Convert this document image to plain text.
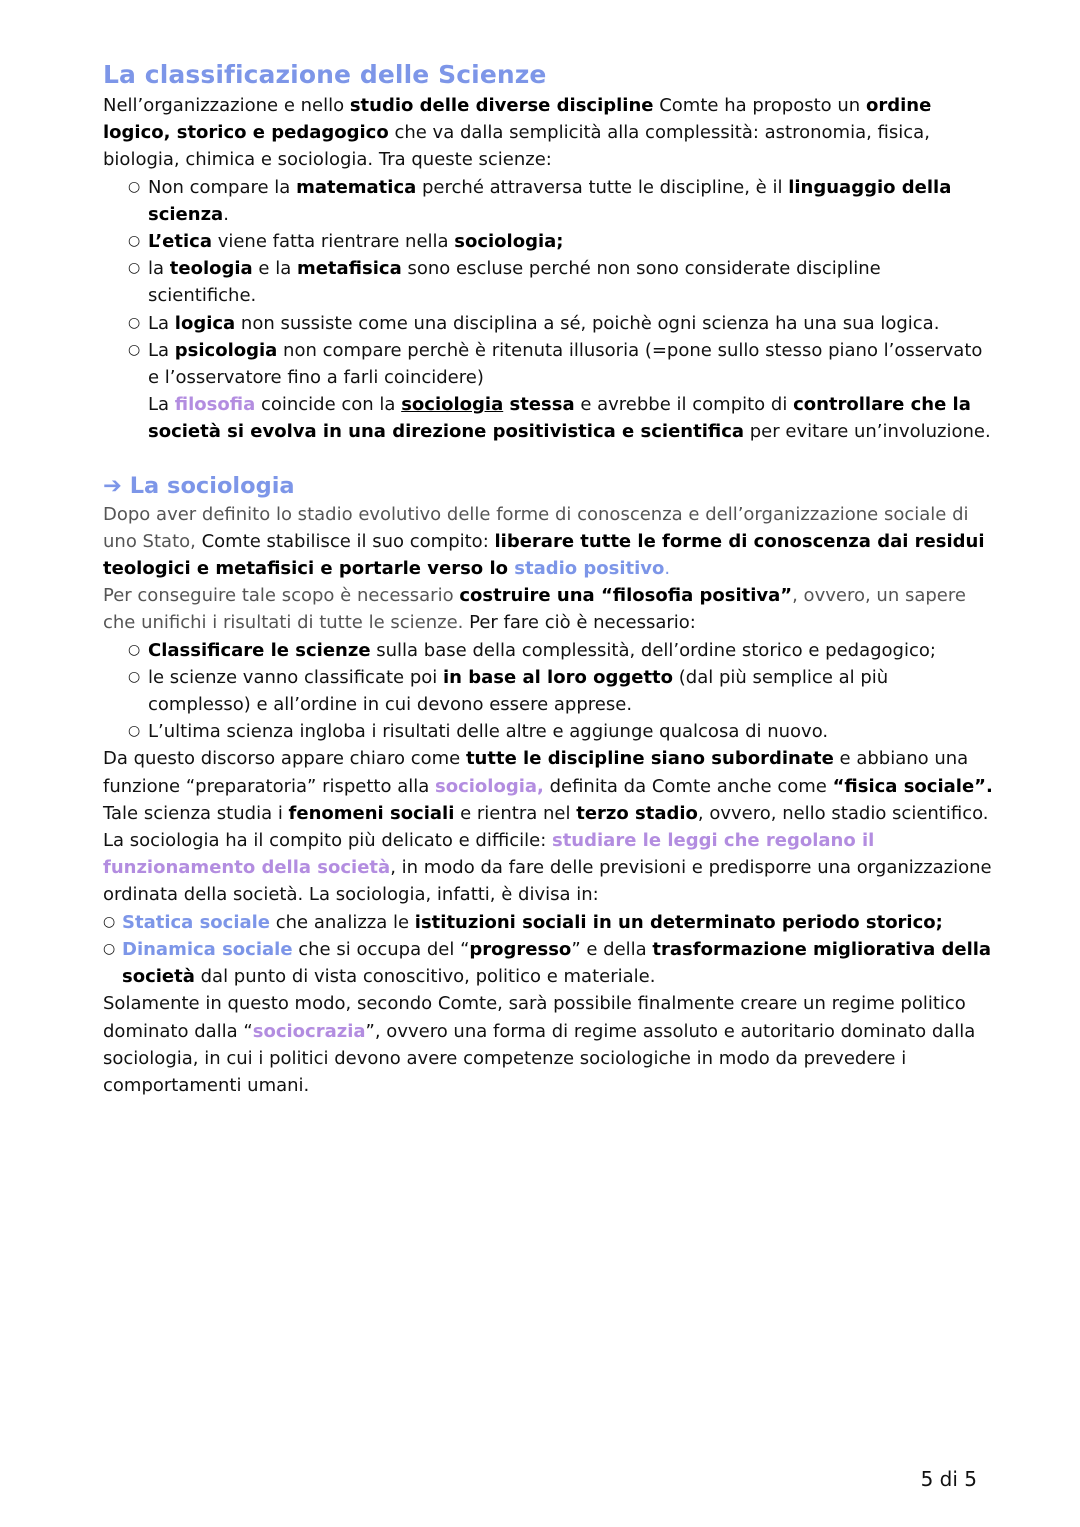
La classificazione delle Scienze

Nell’organizzazione e nello studio delle diverse discipline Comte ha proposto un ordine logico, storico e pedagogico che va dalla semplicità alla complessità: astronomia, fisica, biologia, chimica e sociologia. Tra queste scienze:

○ Non compare la matematica perché attraversa tutte le discipline, è il linguaggio della scienza.
○ L’etica viene fatta rientrare nella sociologia;
○ la teologia e la metafisica sono escluse perché non sono considerate discipline scientifiche.
○ La logica non sussiste come una disciplina a sé, poichè ogni scienza ha una sua logica.
○ La psicologia non compare perchè è ritenuta illusoria (=pone sullo stesso piano l’osservato e l’osservatore fino a farli coincidere)
La filosofia coincide con la sociologia stessa e avrebbe il compito di controllare che la società si evolva in una direzione positivistica e scientifica per evitare un’involuzione.
➔ La sociologia

Dopo aver definito lo stadio evolutivo delle forme di conoscenza e dell’organizzazione sociale di uno Stato, Comte stabilisce il suo compito: liberare tutte le forme di conoscenza dai residui teologici e metafisici e portarle verso lo stadio positivo.

Per conseguire tale scopo è necessario costruire una “filosofia positiva”, ovvero, un sapere che unifichi i risultati di tutte le scienze. Per fare ciò è necessario:

○ Classificare le scienze sulla base della complessità, dell’ordine storico e pedagogico;
○ le scienze vanno classificate poi in base al loro oggetto (dal più semplice al più complesso) e all’ordine in cui devono essere apprese.
○ L’ultima scienza ingloba i risultati delle altre e aggiunge qualcosa di nuovo.

Da questo discorso appare chiaro come tutte le discipline siano subordinate e abbiano una funzione “preparatoria” rispetto alla sociologia, definita da Comte anche come “fisica sociale”. Tale scienza studia i fenomeni sociali e rientra nel terzo stadio, ovvero, nello stadio scientifico. La sociologia ha il compito più delicato e difficile: studiare le leggi che regolano il funzionamento della società, in modo da fare delle previsioni e predisporre una organizzazione ordinata della società. La sociologia, infatti, è divisa in:

○ Statica sociale che analizza le istituzioni sociali in un determinato periodo storico;
○ Dinamica sociale che si occupa del “progresso” e della trasformazione migliorativa della società dal punto di vista conoscitivo, politico e materiale.

Solamente in questo modo, secondo Comte, sarà possibile finalmente creare un regime politico dominato dalla “sociocrazia”, ovvero una forma di regime assoluto e autoritario dominato dalla sociologia, in cui i politici devono avere competenze sociologiche in modo da prevedere i comportamenti umani.

5 di 5
